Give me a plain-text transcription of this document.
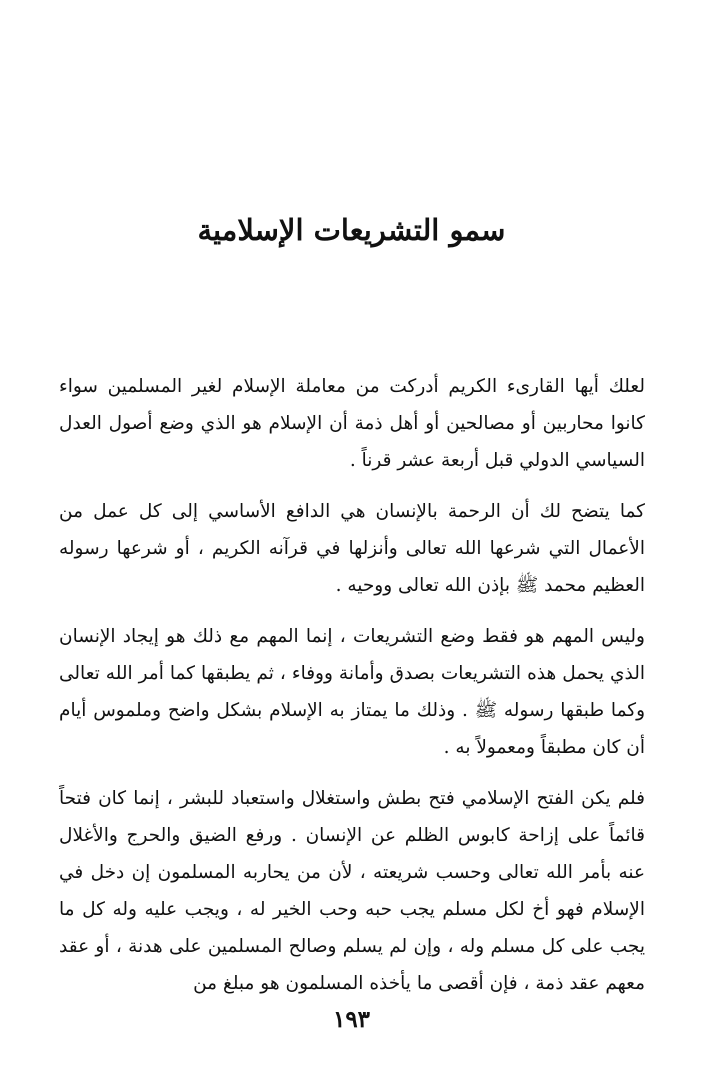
سمو التشريعات الإسلامية

لعلك أيها القارىء الكريم أدركت من معاملة الإسلام لغير المسلمين سواء كانوا محاربين أو مصالحين أو أهل ذمة أن الإسلام هو الذي وضع أصول العدل السياسي الدولي قبل أربعة عشر قرناً .

كما يتضح لك أن الرحمة بالإنسان هي الدافع الأساسي إلى كل عمل من الأعمال التي شرعها الله تعالى وأنزلها في قرآنه الكريم ، أو شرعها رسوله العظيم محمد ﷺ بإذن الله تعالى ووحيه .

وليس المهم هو فقط وضع التشريعات ، إنما المهم مع ذلك هو إيجاد الإنسان الذي يحمل هذه التشريعات بصدق وأمانة ووفاء ، ثم يطبقها كما أمر الله تعالى وكما طبقها رسوله ﷺ . وذلك ما يمتاز به الإسلام بشكل واضح وملموس أيام أن كان مطبقاً ومعمولاً به .

فلم يكن الفتح الإسلامي فتح بطش واستغلال واستعباد للبشر ، إنما كان فتحاً قائماً على إزاحة كابوس الظلم عن الإنسان . ورفع الضيق والحرج والأغلال عنه بأمر الله تعالى وحسب شريعته ، لأن من يحاربه المسلمون إن دخل في الإسلام فهو أخ لكل مسلم يجب حبه وحب الخير له ، ويجب عليه وله كل ما يجب على كل مسلم وله ، وإن لم يسلم وصالح المسلمين على هدنة ، أو عقد معهم عقد ذمة ، فإن أقصى ما يأخذه المسلمون هو مبلغ من

١٩٣
